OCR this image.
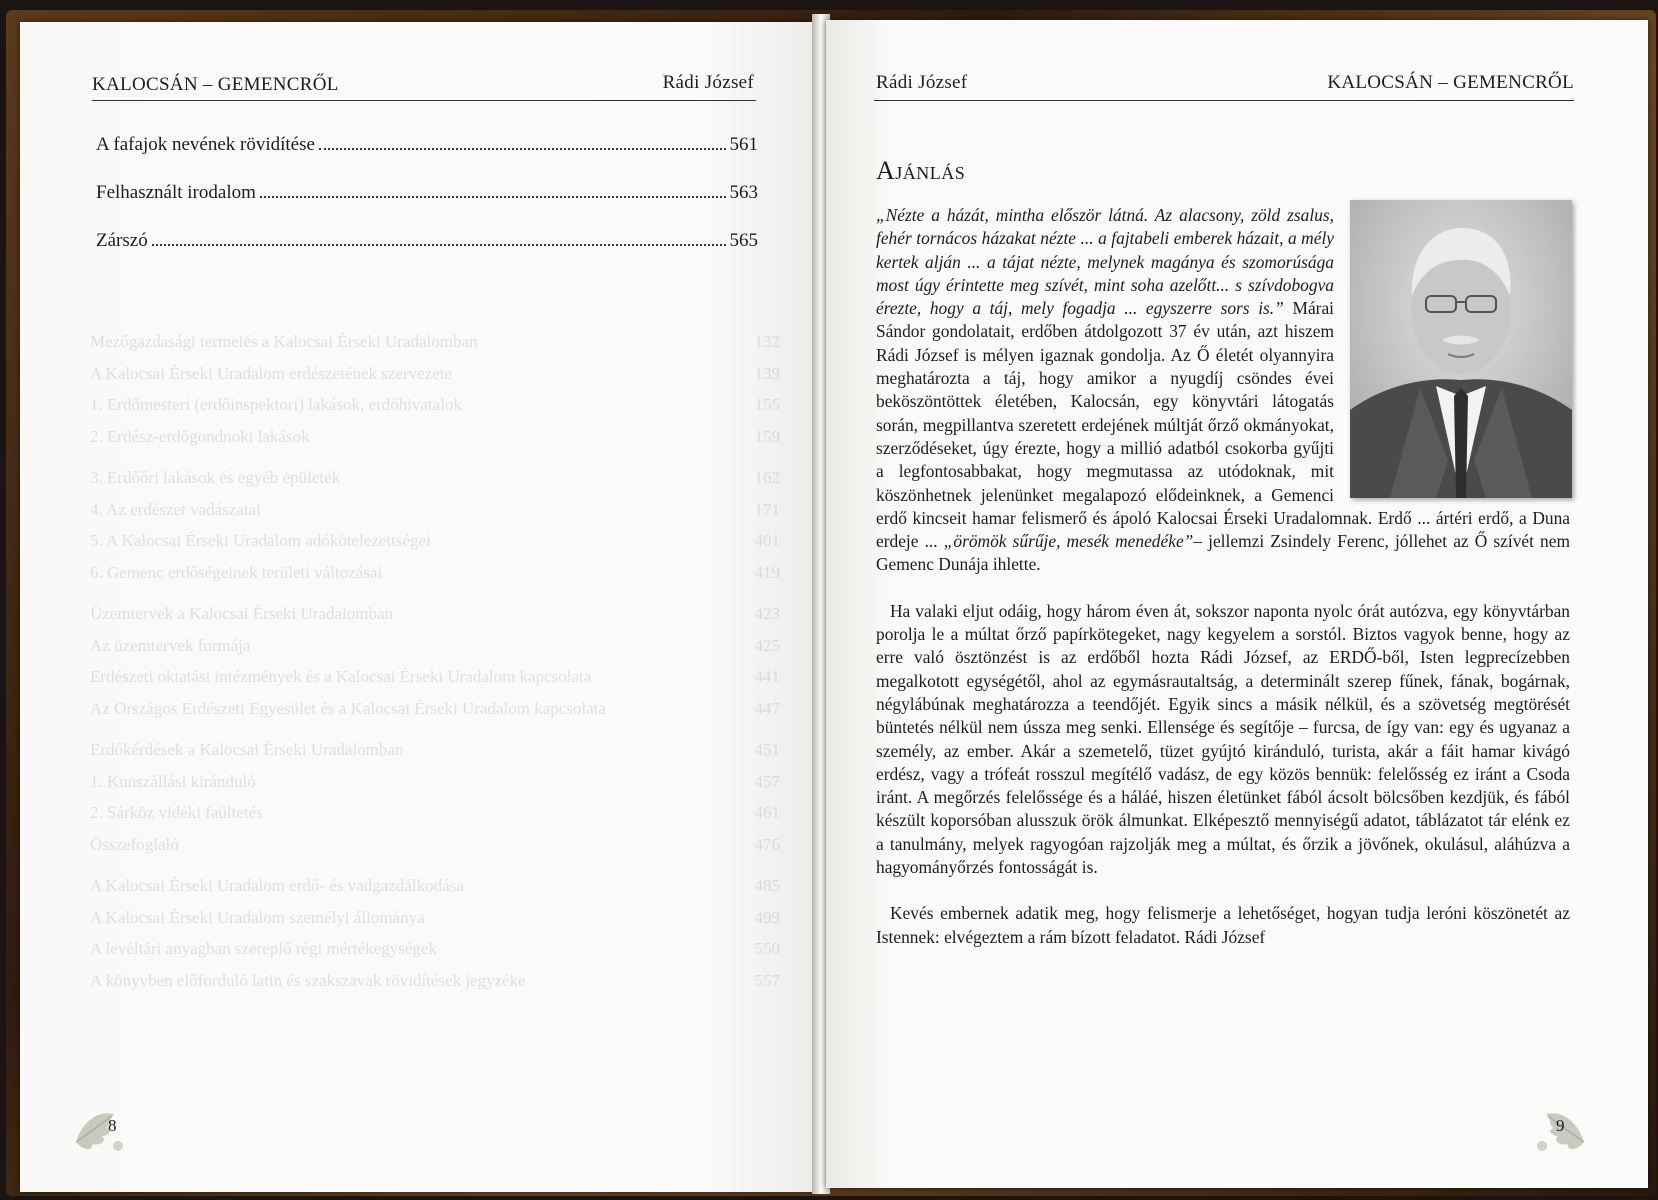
KALOCSÁN – GEMENCRŐL	Rádi József
Mezőgazdasági termelés a Kalocsai Érseki Uradalomban	132
A Kalocsai Érseki Uradalom erdészetének szervezete	139
1. Erdőmesteri (erdőinspektori) lakások, erdőhivatalok	155
2. Erdész-erdőgondnoki lakások	159
3. Erdőőri lakások és egyéb épületek	162
4. Az erdészet vadászatai	171
5. A Kalocsai Érseki Uradalom adókötelezettségei	401
6. Gemenc erdőségeinek területi változásai	419
Üzemtervek a Kalocsai Érseki Uradalomban	423
Az üzemtervek formája	425
Erdészeti oktatási intézmények és a Kalocsai Érseki Uradalom kapcsolata	441
Az Országos Erdészeti Egyesület és a Kalocsai Érseki Uradalom kapcsolata	447
Erdőkérdések a Kalocsai Érseki Uradalomban	451
1. Kunszállási kiránduló	457
2. Sárköz vidéki faültetés	461
Összefoglaló	476
A Kalocsai Érseki Uradalom erdő- és vadgazdálkodása	485
A Kalocsai Érseki Uradalom személyi állománya	499
A levéltári anyagban szereplő régi mértékegységek	550
A könyvben előforduló latin és szakszavak rövidítések jegyzéke	557
A fafajok nevének rövidítése	561
Felhasznált irodalom	563
Zárszó	565
8
Rádi József	KALOCSÁN – GEMENCRŐL
Ajánlás

„Nézte a házát, mintha először látná. Az alacsony, zöld zsalus, fehér tornácos házakat nézte ... a fajtabeli emberek házait, a mély kertek alján ... a tájat nézte, melynek magánya és szomorúsága most úgy érintette meg szívét, mint soha azelőtt... s szívdobogva érezte, hogy a táj, mely fogadja ... egyszerre sors is.” Márai Sándor gondolatait, erdőben átdolgozott 37 év után, azt hiszem Rádi József is mélyen igaznak gondolja. Az Ő életét olyannyira meghatározta a táj, hogy amikor a nyugdíj csöndes évei beköszöntöttek életében, Kalocsán, egy könyvtári látogatás során, megpillantva szeretett erdejének múltját őrző okmányokat, szerződéseket, úgy érezte, hogy a millió adatból csokorba gyűjti a legfontosabbakat, hogy megmutassa az utódoknak, mit köszönhetnek jelenünket megalapozó elődeinknek, a Gemenci erdő kincseit hamar felismerő és ápoló Kalocsai Érseki Uradalomnak. Erdő ... ártéri erdő, a Duna erdeje ... „örömök sűrűje, mesék menedéke”– jellemzi Zsindely Ferenc, jóllehet az Ő szívét nem Gemenc Dunája ihlette.

Ha valaki eljut odáig, hogy három éven át, sokszor naponta nyolc órát autózva, egy könyvtárban porolja le a múltat őrző papírkötegeket, nagy kegyelem a sorstól. Biztos vagyok benne, hogy az erre való ösztönzést is az erdőből hozta Rádi József, az ERDŐ-ből, Isten legprecízebben megalkotott egységétől, ahol az egymásrautaltság, a determinált szerep fűnek, fának, bogárnak, négylábúnak meghatározza a teendőjét. Egyik sincs a másik nélkül, és a szövetség megtörését büntetés nélkül nem ússza meg senki. Ellensége és segítője – furcsa, de így van: egy és ugyanaz a személy, az ember. Akár a szemetelő, tüzet gyújtó kiránduló, turista, akár a fáit hamar kivágó erdész, vagy a trófeát rosszul megítélő vadász, de egy közös bennük: felelősség ez iránt a Csoda iránt. A megőrzés felelőssége és a háláé, hiszen életünket fából ácsolt bölcsőben kezdjük, és fából készült koporsóban alusszuk örök álmunkat. Elképesztő mennyiségű adatot, táblázatot tár elénk ez a tanulmány, melyek ragyogóan rajzolják meg a múltat, és őrzik a jövőnek, okulásul, aláhúzva a hagyományőrzés fontosságát is.

Kevés embernek adatik meg, hogy felismerje a lehetőséget, hogyan tudja leróni köszönetét az Istennek: elvégeztem a rám bízott feladatot. Rádi József

9
